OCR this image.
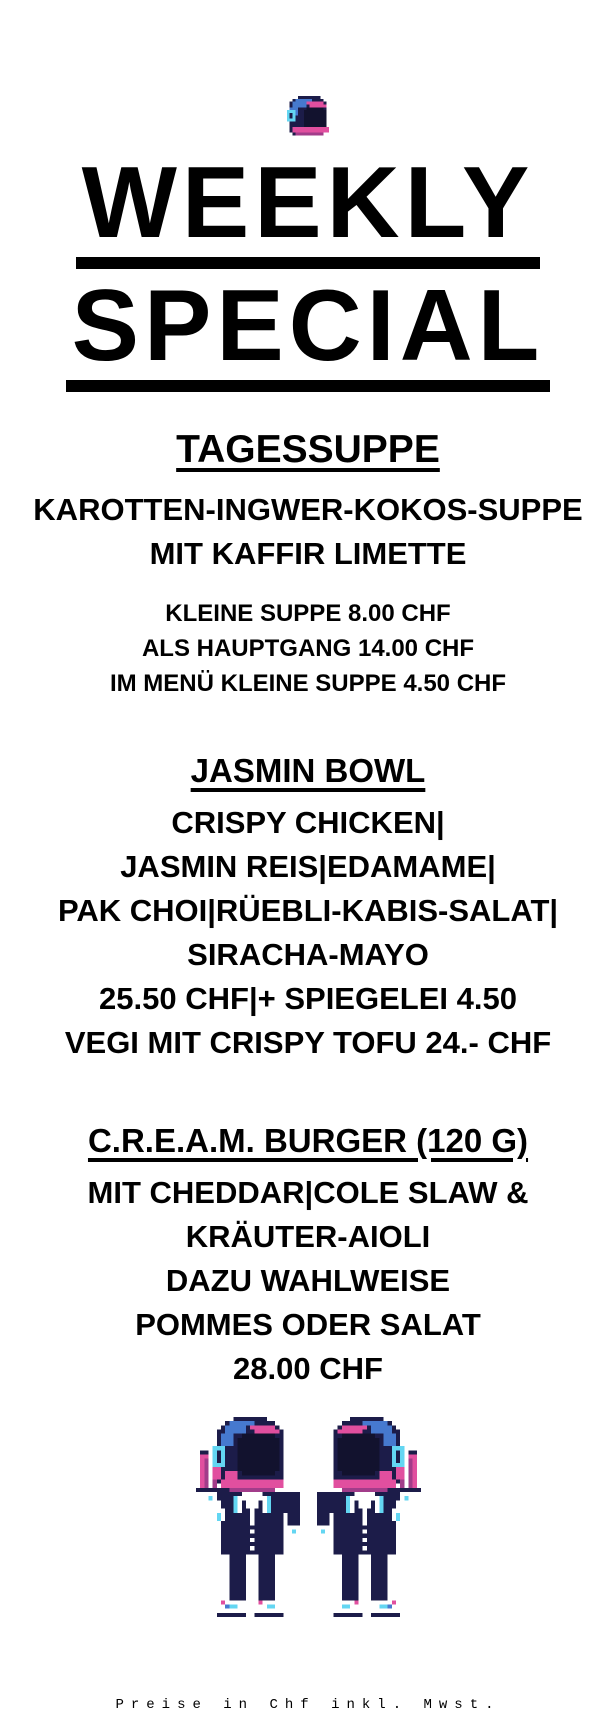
WEEKLY
SPECIAL
TAGESSUPPE
KAROTTEN-INGWER-KOKOS-SUPPE
MIT KAFFIR LIMETTE
KLEINE SUPPE 8.00 CHF
ALS HAUPTGANG 14.00 CHF
IM MENÜ KLEINE SUPPE 4.50 CHF
JASMIN BOWL
CRISPY CHICKEN|
JASMIN REIS|EDAMAME|
PAK CHOI|RÜEBLI-KABIS-SALAT|
SIRACHA-MAYO
25.50 CHF|+ SPIEGELEI 4.50
VEGI MIT CRISPY TOFU 24.- CHF
C.R.E.A.M. BURGER (120 G)
MIT CHEDDAR|COLE SLAW &
KRÄUTER-AIOLI
DAZU WAHLWEISE
POMMES ODER SALAT
28.00 CHF
Preise in Chf inkl. Mwst.
